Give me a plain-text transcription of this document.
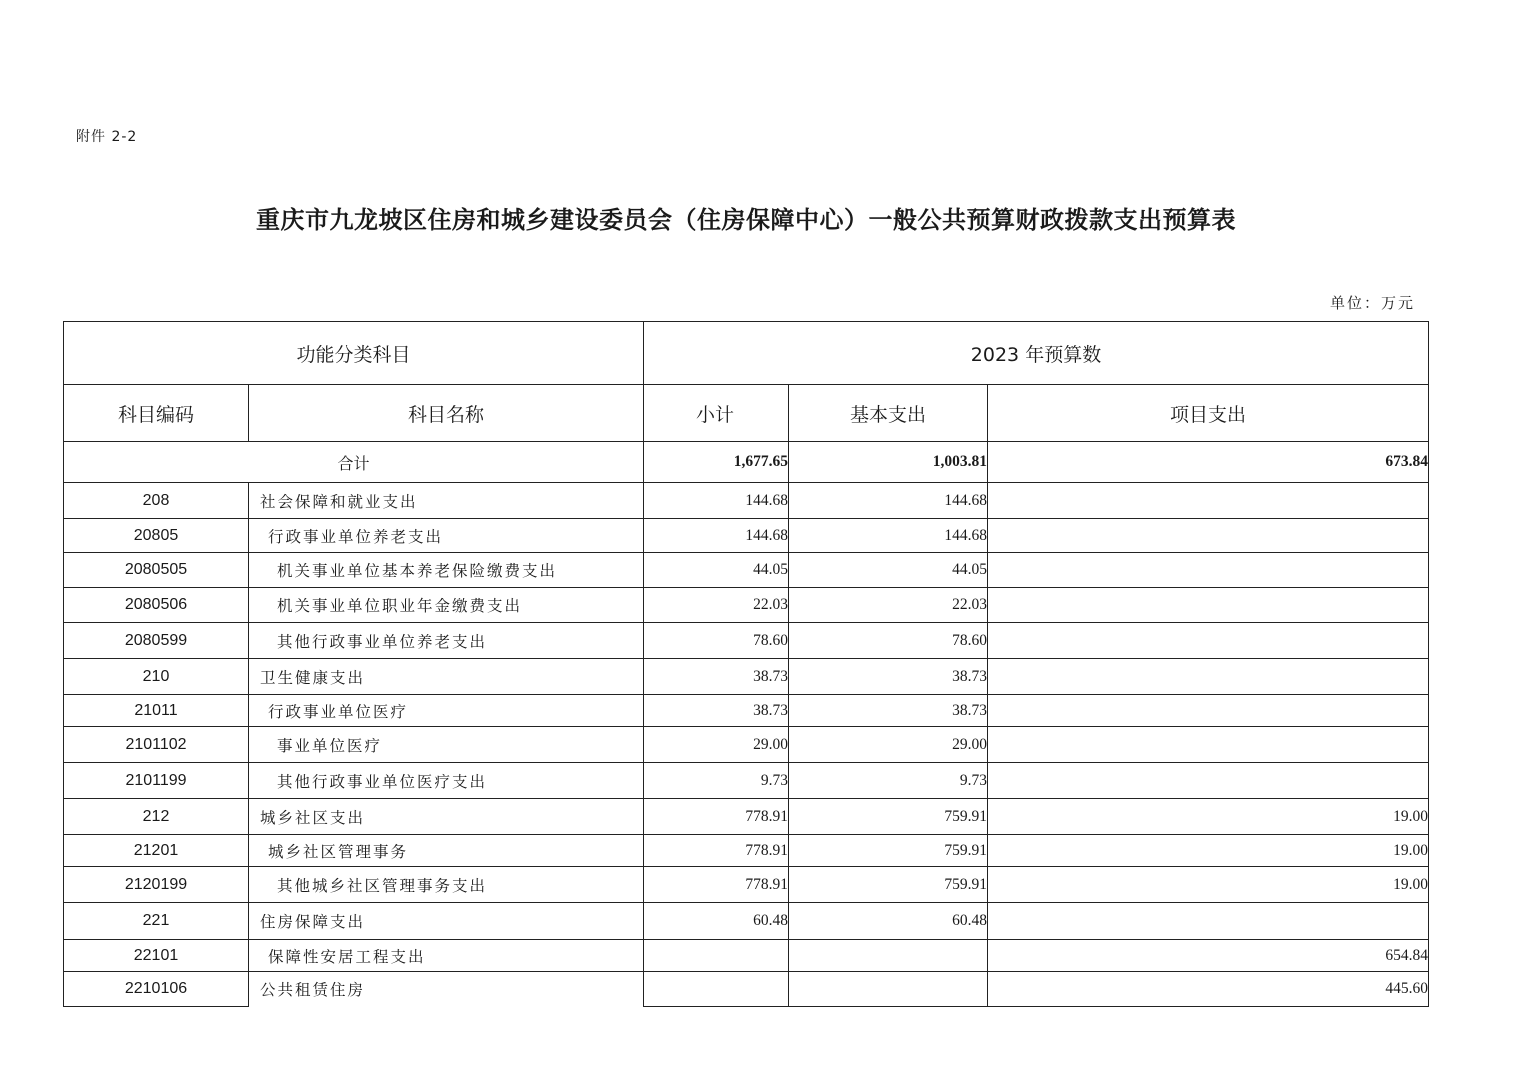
附件 2-2
重庆市九龙坡区住房和城乡建设委员会（住房保障中心）一般公共预算财政拨款支出预算表
单位：万元
功能分类科目		2023 年预算数		
科目编码	科目名称	小计	基本支出	项目支出
合计		1,677.65	1,003.81	673.84
208	社会保障和就业支出	144.68	144.68	
20805	行政事业单位养老支出	144.68	144.68	
2080505	机关事业单位基本养老保险缴费支出	44.05	44.05	
2080506	机关事业单位职业年金缴费支出	22.03	22.03	
2080599	其他行政事业单位养老支出	78.60	78.60	
210	卫生健康支出	38.73	38.73	
21011	行政事业单位医疗	38.73	38.73	
2101102	事业单位医疗	29.00	29.00	
2101199	其他行政事业单位医疗支出	9.73	9.73	
212	城乡社区支出	778.91	759.91	19.00
21201	城乡社区管理事务	778.91	759.91	19.00
2120199	其他城乡社区管理事务支出	778.91	759.91	19.00
221	住房保障支出	60.48	60.48	
22101	保障性安居工程支出			654.84
2210106	公共租赁住房			445.60
